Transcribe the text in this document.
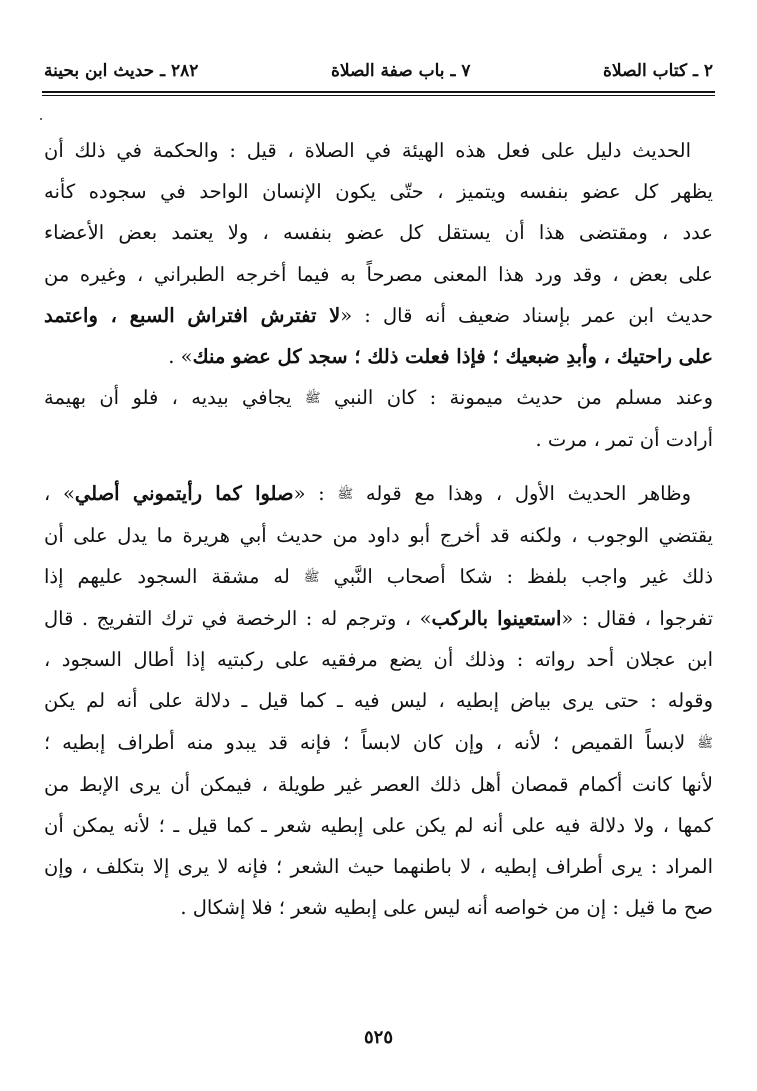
٢ ـ كتاب الصلاة
٧ ـ باب صفة الصلاة
٢٨٢ ـ حديث ابن بحينة
الحديث دليل على فعل هذه الهيئة في الصلاة ، قيل : والحكمة في ذلك أن
يظهر كل عضو بنفسه ويتميز ، حتّى يكون الإنسان الواحد في سجوده كأنه
عدد ، ومقتضى هذا أن يستقل كل عضو بنفسه ، ولا يعتمد بعض الأعضاء
على بعض ، وقد ورد هذا المعنى مصرحاً به فيما أخرجه الطبراني ، وغيره من
حديث ابن عمر بإسناد ضعيف أنه قال : «لا تفترش افتراش السبع ، واعتمد
على راحتيك ، وأبدِ ضبعيك ؛ فإذا فعلت ذلك ؛ سجد كل عضو منك» .
وعند مسلم من حديث ميمونة : كان النبي ﷺ يجافي بيديه ، فلو أن بهيمة
أرادت أن تمر ، مرت .
وظاهر الحديث الأول ، وهذا مع قوله ﷺ : «صلوا كما رأيتموني أصلي» ،
يقتضي الوجوب ، ولكنه قد أخرج أبو داود من حديث أبي هريرة ما يدل على أن
ذلك غير واجب بلفظ : شكا أصحاب النَّبي ﷺ له مشقة السجود عليهم إذا
تفرجوا ، فقال : «استعينوا بالركب» ، وترجم له : الرخصة في ترك التفريج . قال
ابن عجلان أحد رواته : وذلك أن يضع مرفقيه على ركبتيه إذا أطال السجود ،
وقوله : حتى يرى بياض إبطيه ، ليس فيه ـ كما قيل ـ دلالة على أنه لم يكن
ﷺ لابساً القميص ؛ لأنه ، وإن كان لابساً ؛ فإنه قد يبدو منه أطراف إبطيه ؛
لأنها كانت أكمام قمصان أهل ذلك العصر غير طويلة ، فيمكن أن يرى الإبط من
كمها ، ولا دلالة فيه على أنه لم يكن على إبطيه شعر ـ كما قيل ـ ؛ لأنه يمكن أن
المراد : يرى أطراف إبطيه ، لا باطنهما حيث الشعر ؛ فإنه لا يرى إلا بتكلف ، وإن
صح ما قيل : إن من خواصه أنه ليس على إبطيه شعر ؛ فلا إشكال .
٥٢٥
